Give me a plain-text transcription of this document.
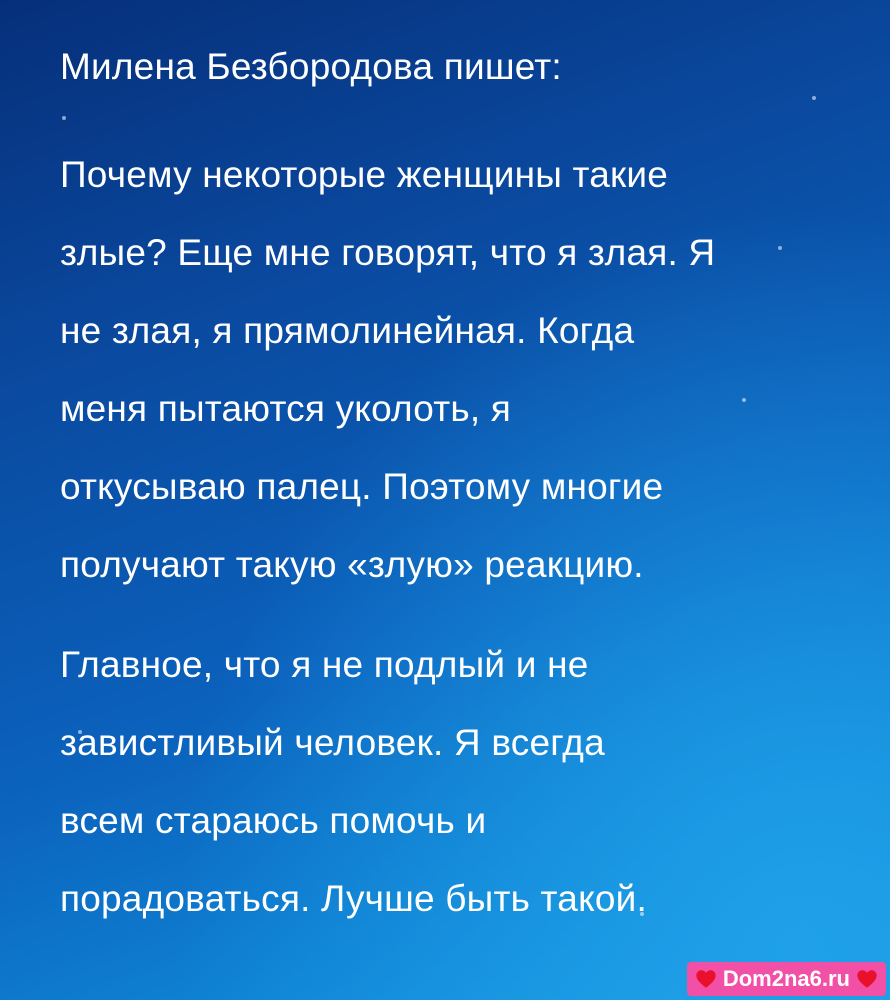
Милена Безбородова пишет:

Почему некоторые женщины такие
злые? Еще мне говорят, что я злая. Я
не злая, я прямолинейная. Когда
меня пытаются уколоть, я
откусываю палец. Поэтому многие
получают такую «злую» реакцию.

Главное, что я не подлый и не
завистливый человек. Я всегда
всем стараюсь помочь и
порадоваться. Лучше быть такой.

Dom2na6.ru
